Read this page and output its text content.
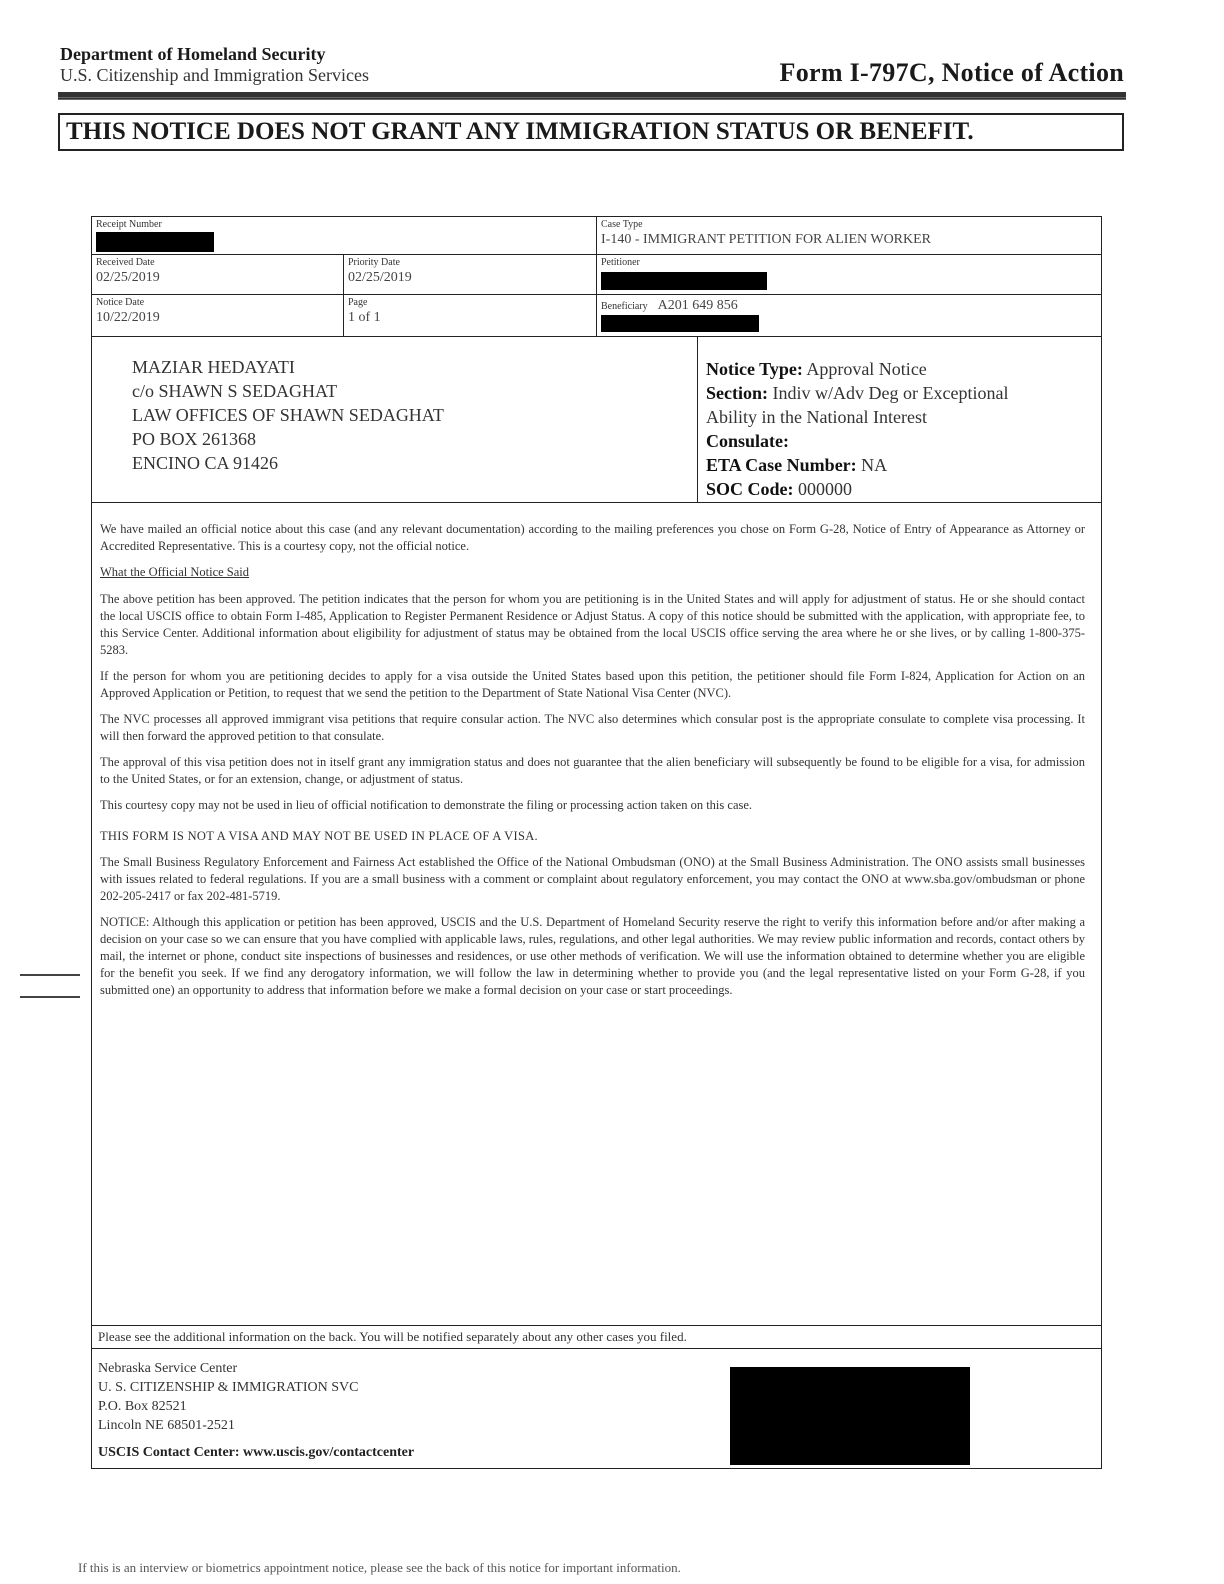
Department of Homeland Security
U.S. Citizenship and Immigration Services	Form I-797C, Notice of Action
THIS NOTICE DOES NOT GRANT ANY IMMIGRATION STATUS OR BENEFIT.
Receipt Number	Case Type
I-140 - IMMIGRANT PETITION FOR ALIEN WORKER
Received Date
02/25/2019
Priority Date
02/25/2019
Petitioner
Notice Date
10/22/2019
Page
1 of 1
Beneficiary A201 649 856
MAZIAR HEDAYATI
c/o SHAWN S SEDAGHAT
LAW OFFICES OF SHAWN SEDAGHAT
PO BOX 261368
ENCINO CA 91426
Notice Type: Approval Notice
Section: Indiv w/Adv Deg or Exceptional
Ability in the National Interest
Consulate:
ETA Case Number: NA
SOC Code: 000000

We have mailed an official notice about this case (and any relevant documentation) according to the mailing preferences you chose on Form G-28, Notice of Entry of Appearance as Attorney or Accredited Representative. This is a courtesy copy, not the official notice.

What the Official Notice Said

The above petition has been approved. The petition indicates that the person for whom you are petitioning is in the United States and will apply for adjustment of status. He or she should contact the local USCIS office to obtain Form I-485, Application to Register Permanent Residence or Adjust Status. A copy of this notice should be submitted with the application, with appropriate fee, to this Service Center. Additional information about eligibility for adjustment of status may be obtained from the local USCIS office serving the area where he or she lives, or by calling 1-800-375-5283.

If the person for whom you are petitioning decides to apply for a visa outside the United States based upon this petition, the petitioner should file Form I-824, Application for Action on an Approved Application or Petition, to request that we send the petition to the Department of State National Visa Center (NVC).

The NVC processes all approved immigrant visa petitions that require consular action. The NVC also determines which consular post is the appropriate consulate to complete visa processing. It will then forward the approved petition to that consulate.

The approval of this visa petition does not in itself grant any immigration status and does not guarantee that the alien beneficiary will subsequently be found to be eligible for a visa, for admission to the United States, or for an extension, change, or adjustment of status.

This courtesy copy may not be used in lieu of official notification to demonstrate the filing or processing action taken on this case.

THIS FORM IS NOT A VISA AND MAY NOT BE USED IN PLACE OF A VISA.

The Small Business Regulatory Enforcement and Fairness Act established the Office of the National Ombudsman (ONO) at the Small Business Administration. The ONO assists small businesses with issues related to federal regulations. If you are a small business with a comment or complaint about regulatory enforcement, you may contact the ONO at www.sba.gov/ombudsman or phone 202-205-2417 or fax 202-481-5719.

NOTICE: Although this application or petition has been approved, USCIS and the U.S. Department of Homeland Security reserve the right to verify this information before and/or after making a decision on your case so we can ensure that you have complied with applicable laws, rules, regulations, and other legal authorities. We may review public information and records, contact others by mail, the internet or phone, conduct site inspections of businesses and residences, or use other methods of verification. We will use the information obtained to determine whether you are eligible for the benefit you seek. If we find any derogatory information, we will follow the law in determining whether to provide you (and the legal representative listed on your Form G-28, if you submitted one) an opportunity to address that information before we make a formal decision on your case or start proceedings.

Please see the additional information on the back. You will be notified separately about any other cases you filed.
Nebraska Service Center
U. S. CITIZENSHIP & IMMIGRATION SVC
P.O. Box 82521
Lincoln NE 68501-2521
USCIS Contact Center: www.uscis.gov/contactcenter
If this is an interview or biometrics appointment notice, please see the back of this notice for important information.
